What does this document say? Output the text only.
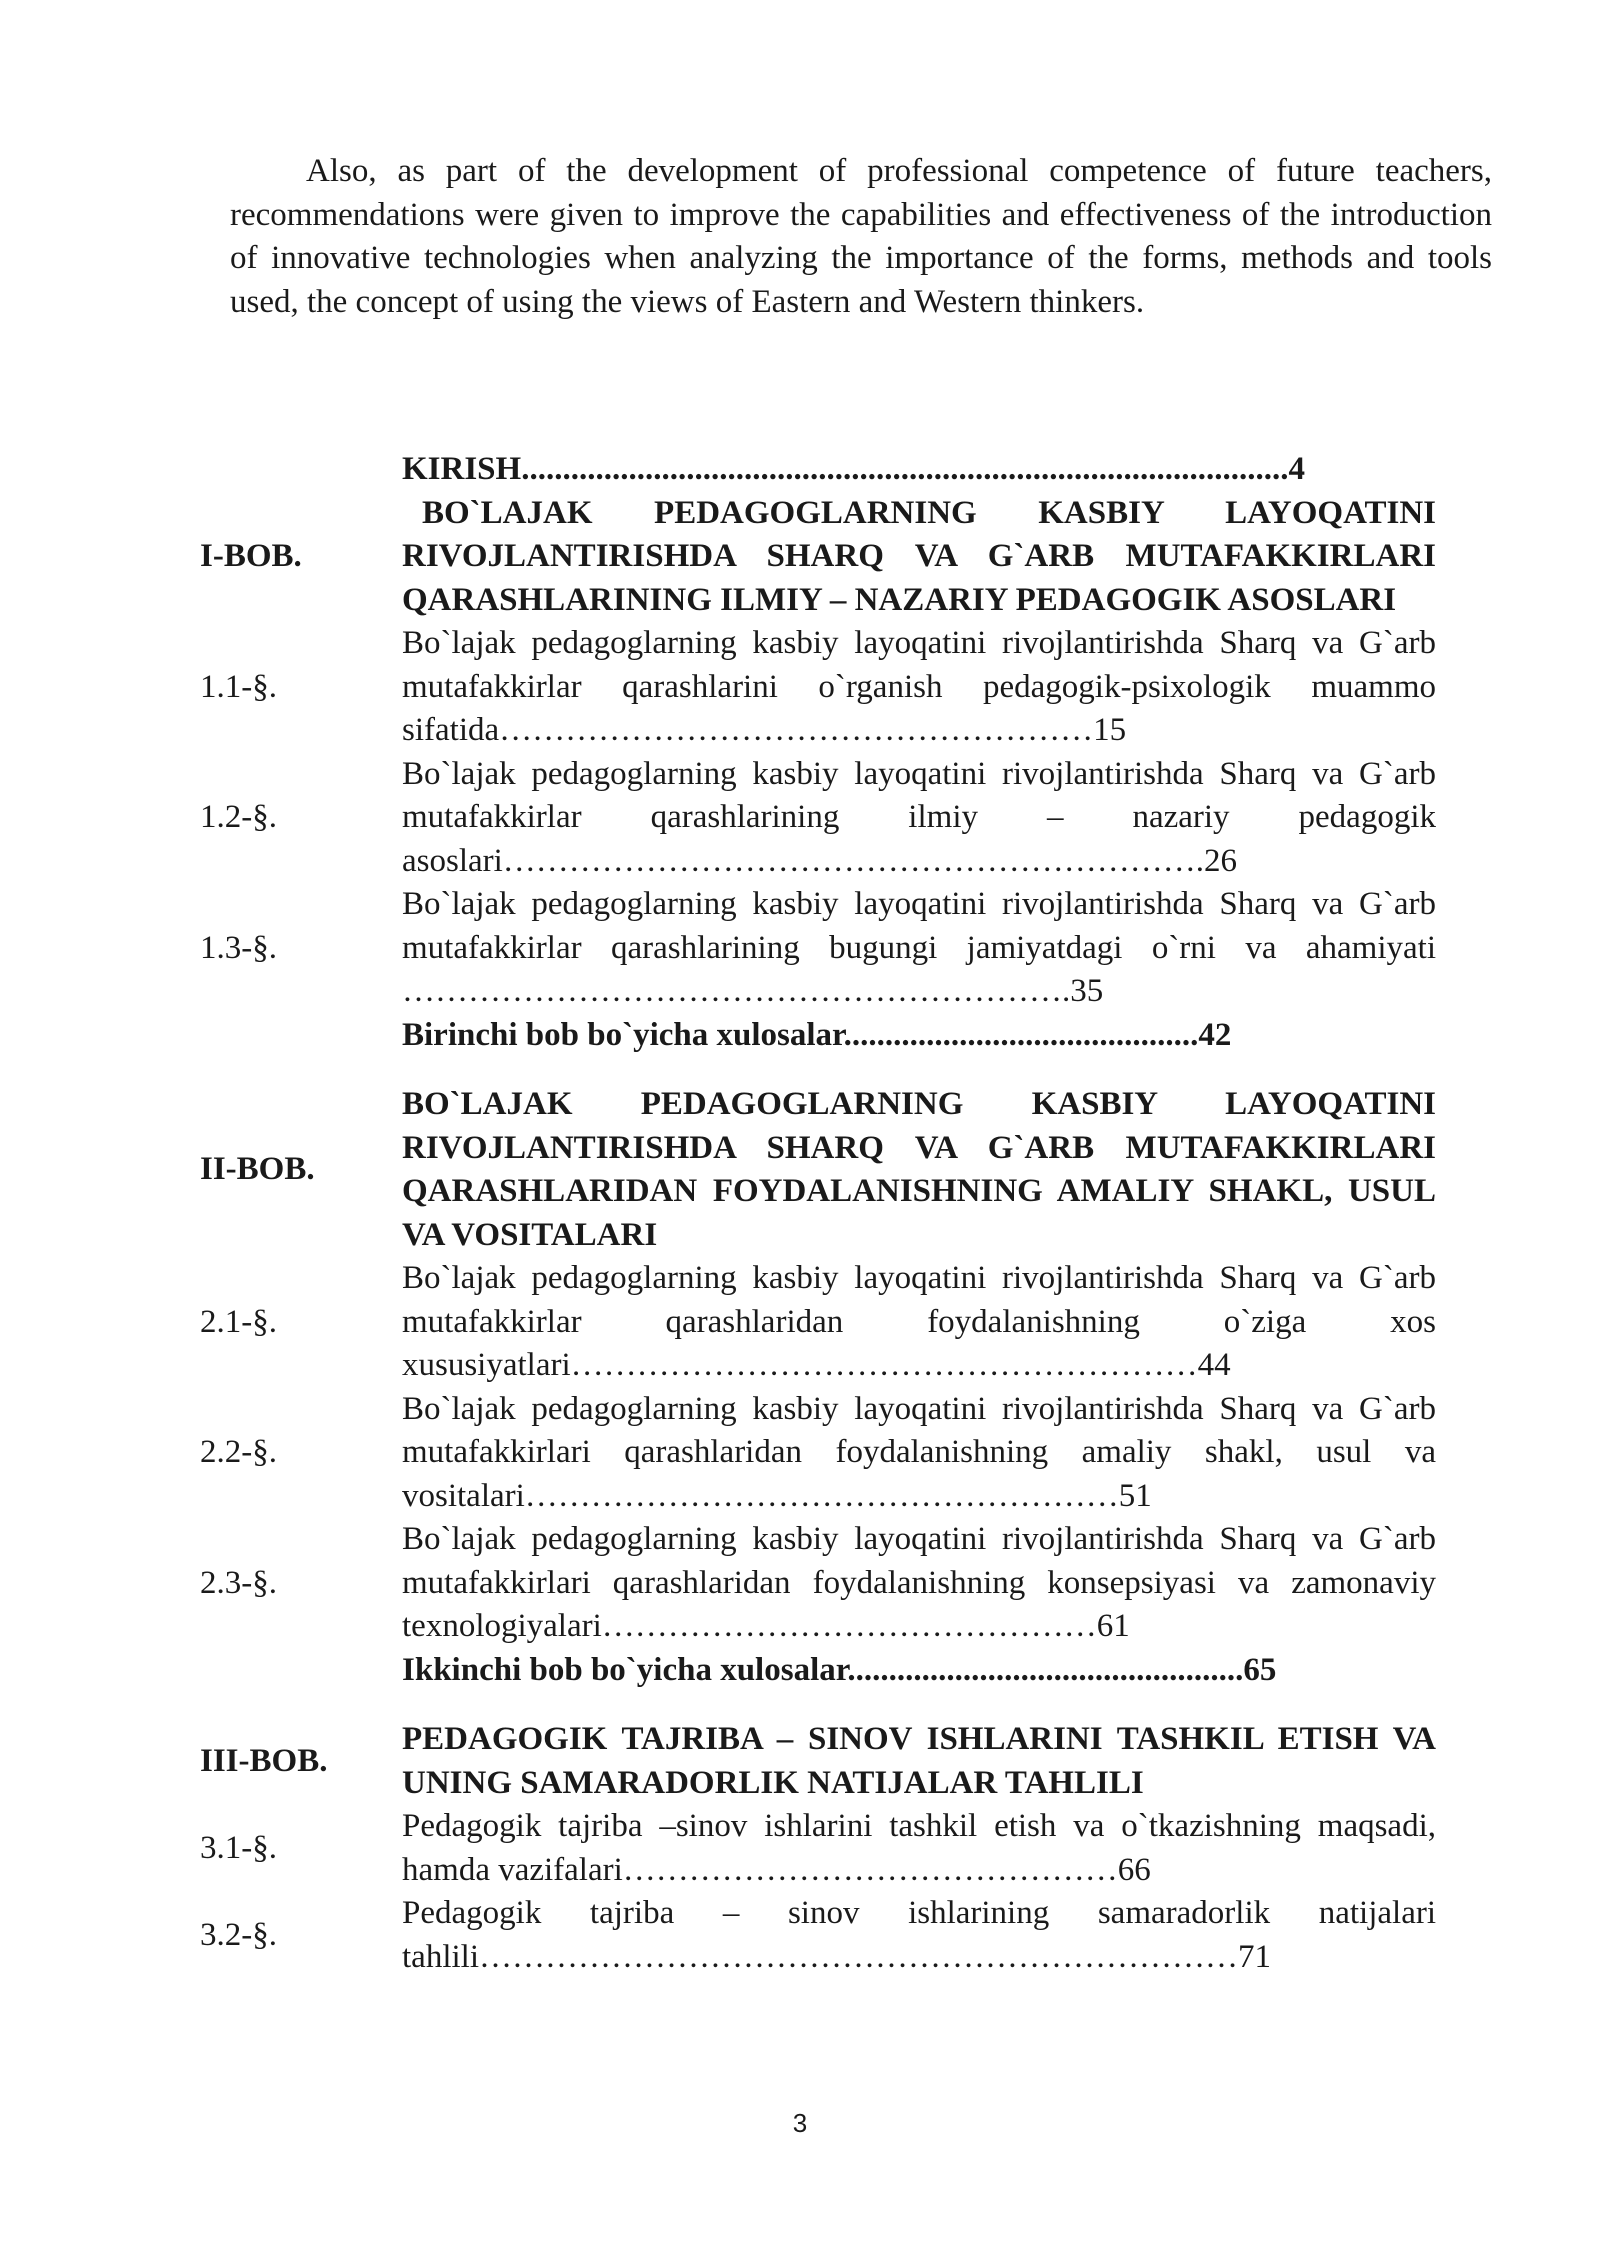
Also, as part of the development of professional competence of future teachers, recommendations were given to improve the capabilities and effectiveness of the introduction of innovative technologies when analyzing the importance of the forms, methods and tools used, the concept of using the views of Eastern and Western thinkers.

KIRISH.............................................................................................4
I-BOB.
BO`LAJAK PEDAGOGLARNING KASBIY LAYOQATINI RIVOJLANTIRISHDA SHARQ VA G`ARB MUTAFAKKIRLARI QARASHLARINING ILMIY – NAZARIY PEDAGOGIK ASOSLARI
1.1-§.
Bo`lajak pedagoglarning kasbiy layoqatini rivojlantirishda Sharq va G`arb mutafakkirlar qarashlarini o`rganish pedagogik-psixologik muammo sifatida………………………………………………15
1.2-§.
Bo`lajak pedagoglarning kasbiy layoqatini rivojlantirishda Sharq va G`arb mutafakkirlar qarashlarining ilmiy – nazariy pedagogik asoslari……………………………………………………….26
1.3-§.
Bo`lajak pedagoglarning kasbiy layoqatini rivojlantirishda Sharq va G`arb mutafakkirlar qarashlarining bugungi jamiyatdagi o`rni va ahamiyati …………………………………………………….35
Birinchi bob bo`yicha xulosalar...........................................42
II-BOB.
BO`LAJAK PEDAGOGLARNING KASBIY LAYOQATINI RIVOJLANTIRISHDA SHARQ VA G`ARB MUTAFAKKIRLARI QARASHLARIDAN FOYDALANISHNING AMALIY SHAKL, USUL VA VOSITALARI
2.1-§.
Bo`lajak pedagoglarning kasbiy layoqatini rivojlantirishda Sharq va G`arb mutafakkirlar qarashlaridan foydalanishning o`ziga xos xususiyatlari…………………………………………………44
2.2-§.
Bo`lajak pedagoglarning kasbiy layoqatini rivojlantirishda Sharq va G`arb mutafakkirlari qarashlaridan foydalanishning amaliy shakl, usul va vositalari………………………………………………51
2.3-§.
Bo`lajak pedagoglarning kasbiy layoqatini rivojlantirishda Sharq va G`arb mutafakkirlari qarashlaridan foydalanishning konsepsiyasi va zamonaviy texnologiyalari………………………………………61
Ikkinchi bob bo`yicha xulosalar................................................65
III-BOB.
PEDAGOGIK TAJRIBA – SINOV ISHLARINI TASHKIL ETISH VA UNING SAMARADORLIK NATIJALAR TAHLILI
3.1-§.
Pedagogik tajriba –sinov ishlarini tashkil etish va o`tkazishning maqsadi, hamda vazifalari………………………………………66
3.2-§.
Pedagogik tajriba – sinov ishlarining samaradorlik natijalari tahlili……………………………………………………………71
3
